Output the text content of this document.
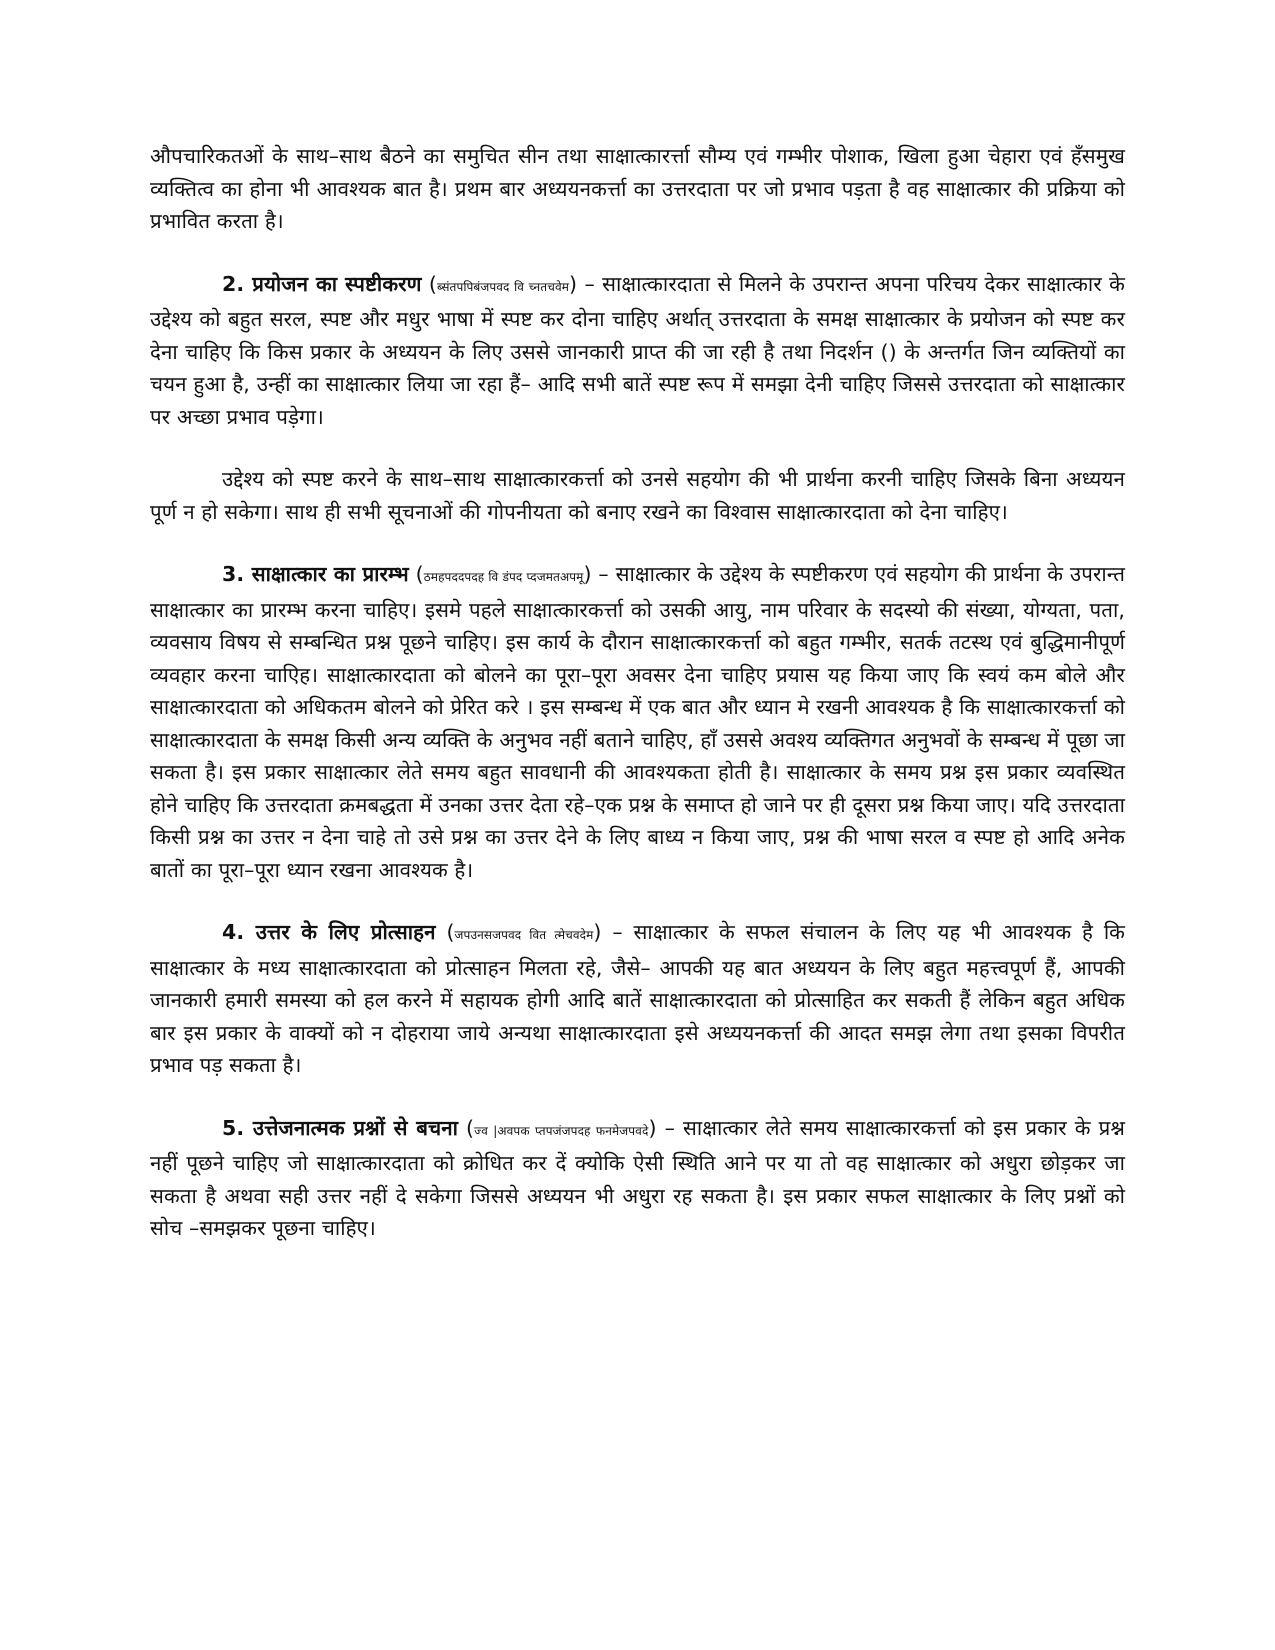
औपचारिकतओं के साथ–साथ बैठने का समुचित सीन तथा साक्षात्कारर्त्ता सौम्य एवं गम्भीर पोशाक, खिला हुआ चेहारा एवं हँसमुख व्यक्तित्व का होना भी आवश्यक बात है। प्रथम बार अध्ययनकर्त्ता का उत्तरदाता पर जो प्रभाव पड़ता है वह साक्षात्कार की प्रक्रिया को प्रभावित करता है।

2. प्रयोजन का स्पष्टीकरण (ब्संतपपिबंजपवद वि च्नतचवेम) – साक्षात्कारदाता से मिलने के उपरान्त अपना परिचय देकर साक्षात्कार के उद्देश्य को बहुत सरल, स्पष्ट और मधुर भाषा में स्पष्ट कर दोना चाहिए अर्थात् उत्तरदाता के समक्ष साक्षात्कार के प्रयोजन को स्पष्ट कर देना चाहिए कि किस प्रकार के अध्ययन के लिए उससे जानकारी प्राप्त की जा रही है तथा निदर्शन () के अन्तर्गत जिन व्यक्तियों का चयन हुआ है, उन्हीं का साक्षात्कार लिया जा रहा हैं– आदि सभी बातें स्पष्ट रूप में समझा देनी चाहिए जिससे उत्तरदाता को साक्षात्कार पर अच्छा प्रभाव पड़ेगा।

उद्देश्य को स्पष्ट करने के साथ–साथ साक्षात्कारकर्त्ता को उनसे सहयोग की भी प्रार्थना करनी चाहिए जिसके बिना अध्ययन पूर्ण न हो सकेगा। साथ ही सभी सूचनाओं की गोपनीयता को बनाए रखने का विश्वास साक्षात्कारदाता को देना चाहिए।

3. साक्षात्कार का प्रारम्भ (ठमहपददपदह वि डंपद प्दजमतअपमू) – साक्षात्कार के उद्देश्य के स्पष्टीकरण एवं सहयोग की प्रार्थना के उपरान्त साक्षात्कार का प्रारम्भ करना चाहिए। इसमे पहले साक्षात्कारकर्त्ता को उसकी आयु, नाम परिवार के सदस्यो की संख्या, योग्यता, पता, व्यवसाय विषय से सम्बन्धित प्रश्न पूछने चाहिए। इस कार्य के दौरान साक्षात्कारकर्त्ता को बहुत गम्भीर, सतर्क तटस्थ एवं बुद्धिमानीपूर्ण व्यवहार करना चाएिह। साक्षात्कारदाता को बोलने का पूरा–पूरा अवसर देना चाहिए प्रयास यह किया जाए कि स्वयं कम बोले और साक्षात्कारदाता को अधिकतम बोलने को प्रेरित करे । इस सम्बन्ध में एक बात और ध्यान मे रखनी आवश्यक है कि साक्षात्कारकर्त्ता को साक्षात्कारदाता के समक्ष किसी अन्य व्यक्ति के अनुभव नहीं बताने चाहिए, हाँ उससे अवश्य व्यक्तिगत अनुभवों के सम्बन्ध में पूछा जा सकता है। इस प्रकार साक्षात्कार लेते समय बहुत सावधानी की आवश्यकता होती है। साक्षात्कार के समय प्रश्न इस प्रकार व्यवस्थित होने चाहिए कि उत्तरदाता क्रमबद्धता में उनका उत्तर देता रहे–एक प्रश्न के समाप्त हो जाने पर ही दूसरा प्रश्न किया जाए। यदि उत्तरदाता किसी प्रश्न का उत्तर न देना चाहे तो उसे प्रश्न का उत्तर देने के लिए बाध्य न किया जाए, प्रश्न की भाषा सरल व स्पष्ट हो आदि अनेक बातों का पूरा–पूरा ध्यान रखना आवश्यक है।

4. उत्तर के लिए प्रोत्साहन (जपउनसजपवद वित त्मेचवदेम) – साक्षात्कार के सफल संचालन के लिए यह भी आवश्यक है कि साक्षात्कार के मध्य साक्षात्कारदाता को प्रोत्साहन मिलता रहे, जैसे– आपकी यह बात अध्ययन के लिए बहुत महत्त्वपूर्ण हैं, आपकी जानकारी हमारी समस्या को हल करने में सहायक होगी आदि बातें साक्षात्कारदाता को प्रोत्साहित कर सकती हैं लेकिन बहुत अधिक बार इस प्रकार के वाक्यों को न दोहराया जाये अन्यथा साक्षात्कारदाता इसे अध्ययनकर्त्ता की आदत समझ लेगा तथा इसका विपरीत प्रभाव पड़ सकता है।

5. उत्तेजनात्मक प्रश्नों से बचना (ज्व |अवपक प्तपजंजपदह फनमेजपवदे) – साक्षात्कार लेते समय साक्षात्कारकर्त्ता को इस प्रकार के प्रश्न नहीं पूछने चाहिए जो साक्षात्कारदाता को क्रोधित कर दें क्योकि ऐसी स्थिति आने पर या तो वह साक्षात्कार को अधुरा छोड़कर जा सकता है अथवा सही उत्तर नहीं दे सकेगा जिससे अध्ययन भी अधुरा रह सकता है। इस प्रकार सफल साक्षात्कार के लिए प्रश्नों को सोच –समझकर पूछना चाहिए।
